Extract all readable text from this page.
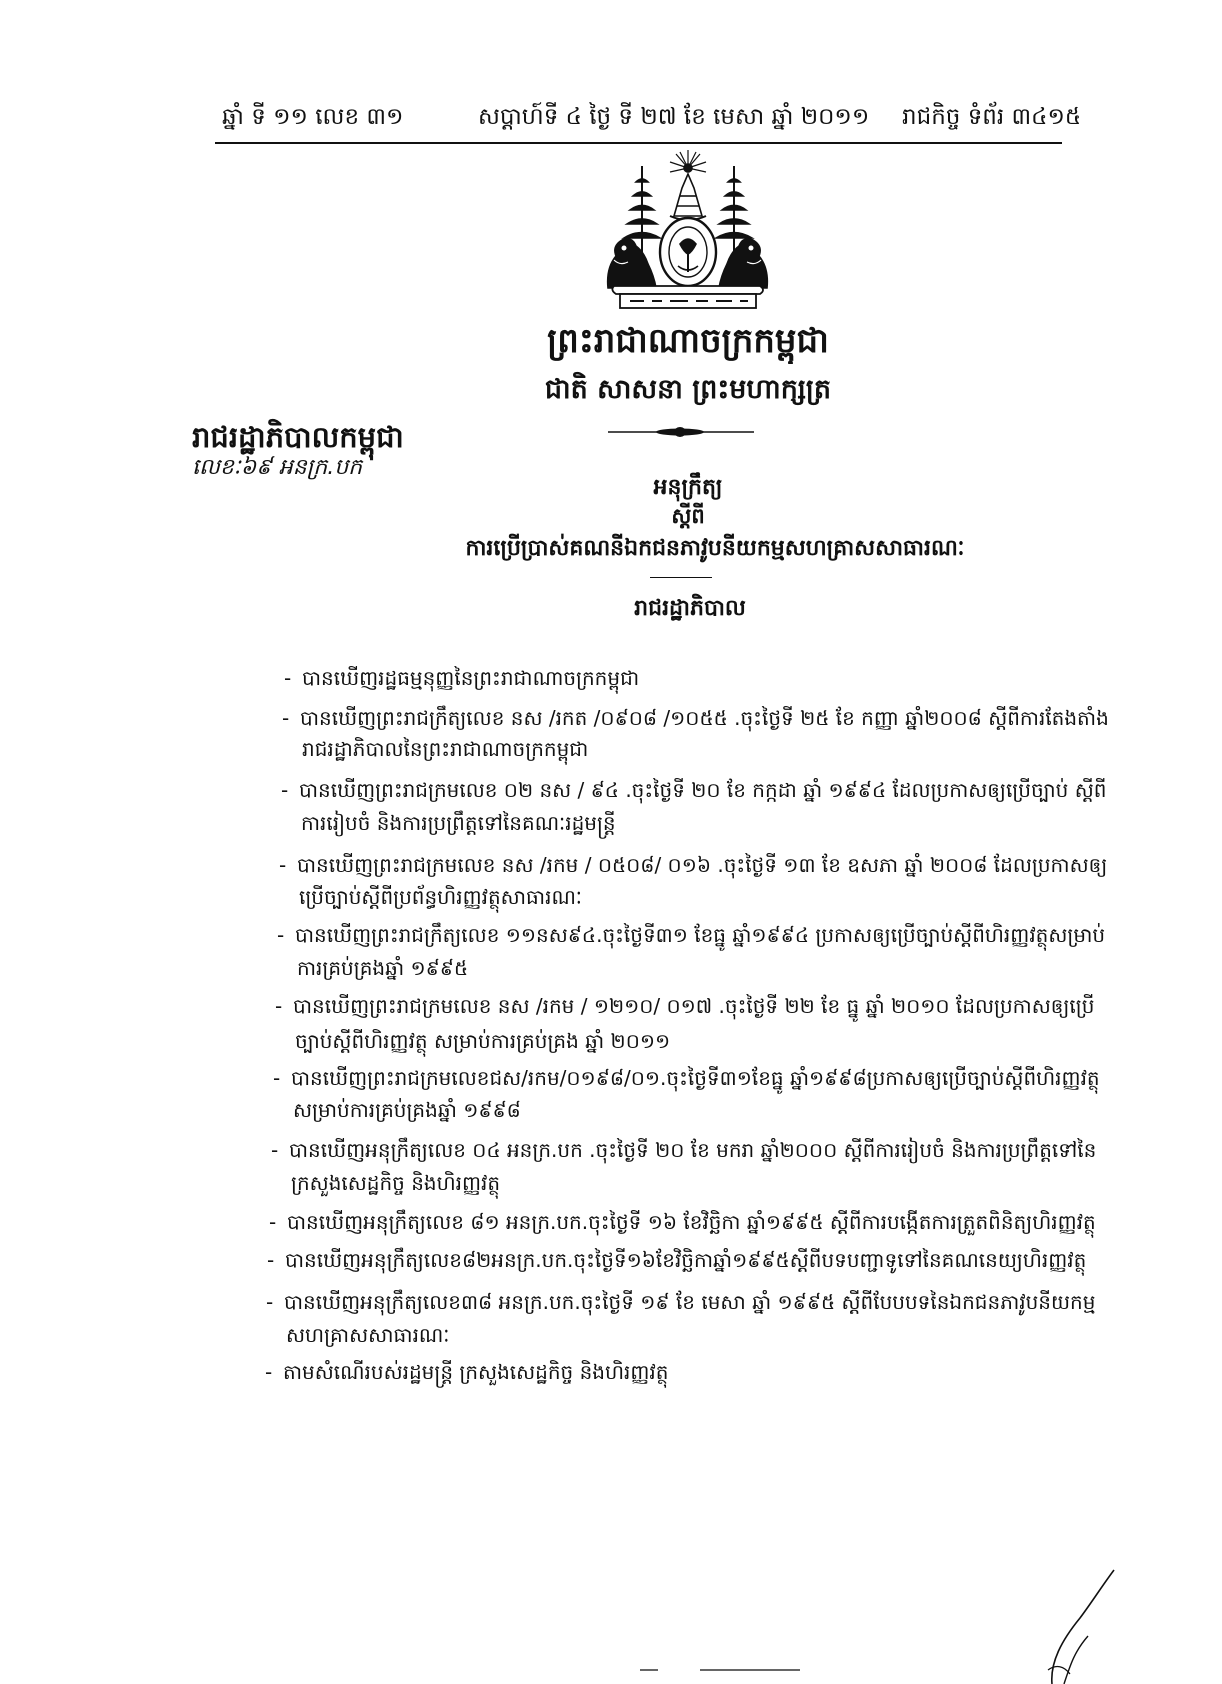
ឆ្នាំ ទី ១១ លេខ ៣១	សប្តាហ៍ទី ៤ ថ្ងៃ ទី ២៧ ខែ មេសា ឆ្នាំ ២០១១ រាជកិច្ច ទំព័រ ៣៤១៥
ព្រះរាជាណាចក្រកម្ពុជា
ជាតិ សាសនា ព្រះមហាក្សត្រ
រាជរដ្ឋាភិបាលកម្ពុជា
លេខៈ៦៩ អនក្រ.បក
អនុក្រឹត្យ
ស្តីពី
ការប្រើប្រាស់គណនីឯកជនភាវូបនីយកម្មសហគ្រាសសាធារណៈ
រាជរដ្ឋាភិបាល
- បានឃើញរដ្ឋធម្មនុញ្ញនៃព្រះរាជាណាចក្រកម្ពុជា
- បានឃើញព្រះរាជក្រឹត្យលេខ នស /រកត /០៩០៨ /១០៥៥ .ចុះថ្ងៃទី ២៥ ខែ កញ្ញា ឆ្នាំ២០០៨ ស្តីពីការតែងតាំង
រាជរដ្ឋាភិបាលនៃព្រះរាជាណាចក្រកម្ពុជា
- បានឃើញព្រះរាជក្រមលេខ ០២ នស / ៩៤ .ចុះថ្ងៃទី ២០ ខែ កក្កដា ឆ្នាំ ១៩៩៤ ដែលប្រកាសឲ្យប្រើច្បាប់ ស្តីពី
ការរៀបចំ និងការប្រព្រឹត្តទៅនៃគណៈរដ្ឋមន្ត្រី
- បានឃើញព្រះរាជក្រមលេខ នស /រកម / ០៥០៨/ ០១៦ .ចុះថ្ងៃទី ១៣ ខែ ឧសភា ឆ្នាំ ២០០៨ ដែលប្រកាសឲ្យ
ប្រើច្បាប់ស្តីពីប្រព័ន្ធហិរញ្ញវត្ថុសាធារណៈ
- បានឃើញព្រះរាជក្រឹត្យលេខ ១១នស៩៤.ចុះថ្ងៃទី៣១ ខែធ្នូ ឆ្នាំ១៩៩៤ ប្រកាសឲ្យប្រើច្បាប់ស្តីពីហិរញ្ញវត្ថុសម្រាប់
ការគ្រប់គ្រងឆ្នាំ ១៩៩៥
- បានឃើញព្រះរាជក្រមលេខ នស /រកម / ១២១០/ ០១៧ .ចុះថ្ងៃទី ២២ ខែ ធ្នូ ឆ្នាំ ២០១០ ដែលប្រកាសឲ្យប្រើ
ច្បាប់ស្តីពីហិរញ្ញវត្ថុ សម្រាប់ការគ្រប់គ្រង ឆ្នាំ ២០១១
- បានឃើញព្រះរាជក្រមលេខជស/រកម/០១៩៨/០១.ចុះថ្ងៃទី៣១ខែធ្នូ ឆ្នាំ១៩៩៨ប្រកាសឲ្យប្រើច្បាប់ស្តីពីហិរញ្ញវត្ថុ
សម្រាប់ការគ្រប់គ្រងឆ្នាំ ១៩៩៨
- បានឃើញអនុក្រឹត្យលេខ ០៤ អនក្រ.បក .ចុះថ្ងៃទី ២០ ខែ មករា ឆ្នាំ២០០០ ស្តីពីការរៀបចំ និងការប្រព្រឹត្តទៅនៃ
ក្រសួងសេដ្ឋកិច្ច និងហិរញ្ញវត្ថុ
- បានឃើញអនុក្រឹត្យលេខ ៨១ អនក្រ.បក.ចុះថ្ងៃទី ១៦ ខែវិច្ឆិកា ឆ្នាំ១៩៩៥ ស្តីពីការបង្កើតការត្រួតពិនិត្យហិរញ្ញវត្ថុ
- បានឃើញអនុក្រឹត្យលេខ៨២អនក្រ.បក.ចុះថ្ងៃទី១៦ខែវិច្ឆិកាឆ្នាំ១៩៩៥ស្តីពីបទបញ្ជាទូទៅនៃគណនេយ្យហិរញ្ញវត្ថុ
- បានឃើញអនុក្រឹត្យលេខ៣៨ អនក្រ.បក.ចុះថ្ងៃទី ១៩ ខែ មេសា ឆ្នាំ ១៩៩៥ ស្តីពីបែបបទនៃឯកជនភាវូបនីយកម្ម
សហគ្រាសសាធារណៈ
- តាមសំណើរបស់រដ្ឋមន្ត្រី ក្រសួងសេដ្ឋកិច្ច និងហិរញ្ញវត្ថុ
